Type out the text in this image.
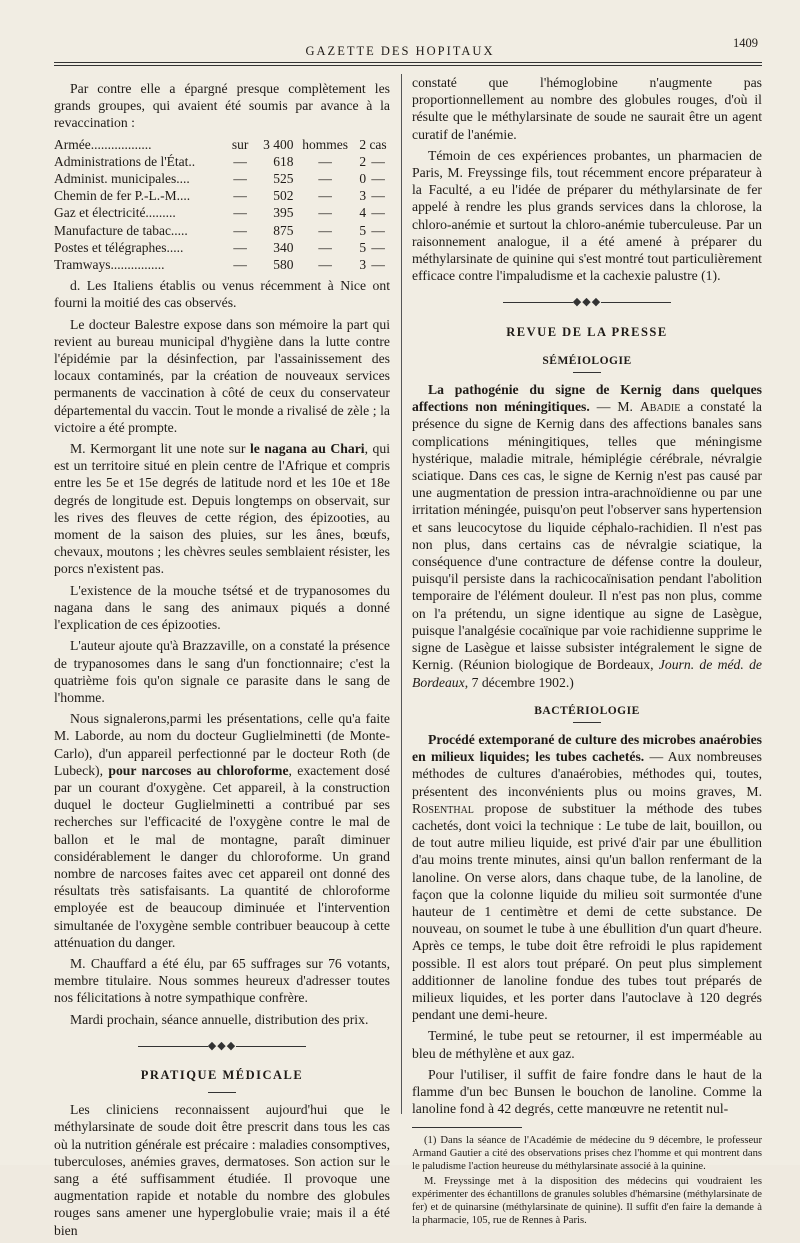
GAZETTE DES HOPITAUX
1409

Par contre elle a épargné presque complètement les grands groupes, qui avaient été soumis par avance à la revaccination :

Armée..................	sur	3 400	hommes	2	cas
Administrations de l'État..	—	618	—	2	—
Administ. municipales....	—	525	—	0	—
Chemin de fer P.-L.-M....	—	502	—	3	—
Gaz et électricité.........	—	395	—	4	—
Manufacture de tabac.....	—	875	—	5	—
Postes et télégraphes.....	—	340	—	5	—
Tramways................	—	580	—	3	—

d. Les Italiens établis ou venus récemment à Nice ont fourni la moitié des cas observés.

Le docteur Balestre expose dans son mémoire la part qui revient au bureau municipal d'hygiène dans la lutte contre l'épidémie par la désinfection, par l'assainissement des locaux contaminés, par la création de nouveaux services permanents de vaccination à côté de ceux du conservateur départemental du vaccin. Tout le monde a rivalisé de zèle ; la victoire a été prompte.

M. Kermorgant lit une note sur le nagana au Chari, qui est un territoire situé en plein centre de l'Afrique et compris entre les 5e et 15e degrés de latitude nord et les 10e et 18e degrés de longitude est. Depuis longtemps on observait, sur les rives des fleuves de cette région, des épizooties, au moment de la saison des pluies, sur les ânes, bœufs, chevaux, moutons ; les chèvres seules semblaient résister, les porcs n'existent pas.

L'existence de la mouche tsétsé et de trypanosomes du nagana dans le sang des animaux piqués a donné l'explication de ces épizooties.

L'auteur ajoute qu'à Brazzaville, on a constaté la présence de trypanosomes dans le sang d'un fonctionnaire; c'est la quatrième fois qu'on signale ce parasite dans le sang de l'homme.

Nous signalerons,parmi les présentations, celle qu'a faite M. Laborde, au nom du docteur Guglielminetti (de Monte-Carlo), d'un appareil perfectionné par le docteur Roth (de Lubeck), pour narcoses au chloroforme, exactement dosé par un courant d'oxygène. Cet appareil, à la construction duquel le docteur Guglielminetti a contribué par ses recherches sur l'efficacité de l'oxygène contre le mal de ballon et le mal de montagne, paraît diminuer considérablement le danger du chloroforme. Un grand nombre de narcoses faites avec cet appareil ont donné des résultats très satisfaisants. La quantité de chloroforme employée est de beaucoup diminuée et l'intervention simultanée de l'oxygène semble contribuer beaucoup à cette atténuation du danger.

M. Chauffard a été élu, par 65 suffrages sur 76 votants, membre titulaire. Nous sommes heureux d'adresser toutes nos félicitations à notre sympathique confrère.

Mardi prochain, séance annuelle, distribution des prix.

◆◆◆
PRATIQUE MÉDICALE

Les cliniciens reconnaissent aujourd'hui que le méthylarsinate de soude doit être prescrit dans tous les cas où la nutrition générale est précaire : maladies consomptives, tuberculoses, anémies graves, dermatoses. Son action sur le sang a été suffisamment étudiée. Il provoque une augmentation rapide et notable du nombre des globules rouges sans amener une hyperglobulie vraie; mais il a été bien

constaté que l'hémoglobine n'augmente pas proportionnellement au nombre des globules rouges, d'où il résulte que le méthylarsinate de soude ne saurait être un agent curatif de l'anémie.

Témoin de ces expériences probantes, un pharmacien de Paris, M. Freyssinge fils, tout récemment encore préparateur à la Faculté, a eu l'idée de préparer du méthylarsinate de fer appelé à rendre les plus grands services dans la chlorose, la chloro-anémie et surtout la chloro-anémie tuberculeuse. Par un raisonnement analogue, il a été amené à préparer du méthylarsinate de quinine qui s'est montré tout particulièrement efficace contre l'impaludisme et la cachexie palustre (1).

◆◆◆
REVUE DE LA PRESSE
SÉMÉIOLOGIE

La pathogénie du signe de Kernig dans quelques affections non méningitiques. — M. Abadie a constaté la présence du signe de Kernig dans des affections banales sans complications méningitiques, telles que méningisme hystérique, maladie mitrale, hémiplégie cérébrale, névralgie sciatique. Dans ces cas, le signe de Kernig n'est pas causé par une augmentation de pression intra-arachnoïdienne ou par une irritation méningée, puisqu'on peut l'observer sans hypertension et sans leucocytose du liquide céphalo-rachidien. Il n'est pas non plus, dans certains cas de névralgie sciatique, la conséquence d'une contracture de défense contre la douleur, puisqu'il persiste dans la rachicocaïnisation pendant l'abolition temporaire de l'élément douleur. Il n'est pas non plus, comme on l'a prétendu, un signe identique au signe de Lasègue, puisque l'analgésie cocaïnique par voie rachidienne supprime le signe de Lasègue et laisse subsister intégralement le signe de Kernig. (Réunion biologique de Bordeaux, Journ. de méd. de Bordeaux, 7 décembre 1902.)

BACTÉRIOLOGIE

Procédé extemporané de culture des microbes anaérobies en milieux liquides; les tubes cachetés. — Aux nombreuses méthodes de cultures d'anaérobies, méthodes qui, toutes, présentent des inconvénients plus ou moins graves, M. Rosenthal propose de substituer la méthode des tubes cachetés, dont voici la technique : Le tube de lait, bouillon, ou de tout autre milieu liquide, est privé d'air par une ébullition d'au moins trente minutes, ainsi qu'un ballon renfermant de la lanoline. On verse alors, dans chaque tube, de la lanoline, de façon que la colonne liquide du milieu soit surmontée d'une hauteur de 1 centimètre et demi de cette substance. De nouveau, on soumet le tube à une ébullition d'un quart d'heure. Après ce temps, le tube doit être refroidi le plus rapidement possible. Il est alors tout préparé. On peut plus simplement additionner de lanoline fondue des tubes tout préparés de milieux liquides, et les porter dans l'autoclave à 120 degrés pendant une demi-heure.

Terminé, le tube peut se retourner, il est imperméable au bleu de méthylène et aux gaz.

Pour l'utiliser, il suffit de faire fondre dans le haut de la flamme d'un bec Bunsen le bouchon de lanoline. Comme la lanoline fond à 42 degrés, cette manœuvre ne retentit nul-

(1) Dans la séance de l'Académie de médecine du 9 décembre, le professeur Armand Gautier a cité des observations prises chez l'homme et qui montrent dans le paludisme l'action heureuse du méthylarsinate associé à la quinine.

M. Freyssinge met à la disposition des médecins qui voudraient les expérimenter des échantillons de granules solubles d'hémarsine (méthylarsinate de fer) et de quinarsine (méthylarsinate de quinine). Il suffit d'en faire la demande à la pharmacie, 105, rue de Rennes à Paris.
